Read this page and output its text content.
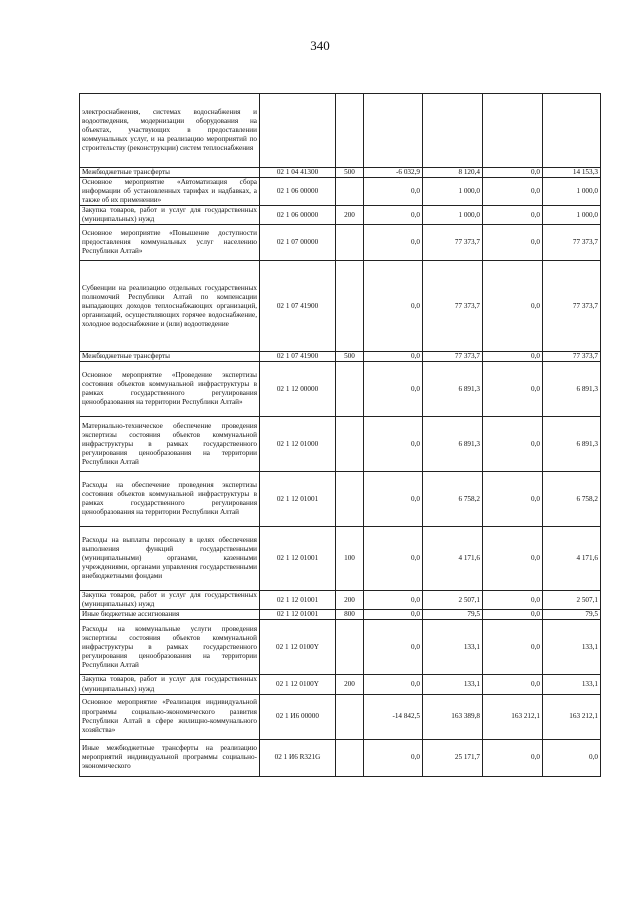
340
электроснабжения, системах водоснабжения и водоотведения, модернизации оборудования на объектах, участвующих в предоставлении коммунальных услуг, и на реализацию мероприятий по строительству (реконструкции) систем теплоснабжения						
Межбюджетные трансферты	02 1 04 41300	500	-6 032,9	8 120,4	0,0	14 153,3
Основное мероприятие «Автоматизация сбора информации об установленных тарифах и надбавках, а также об их применении»	02 1 06 00000		0,0	1 000,0	0,0	1 000,0
Закупка товаров, работ и услуг для государственных (муниципальных) нужд	02 1 06 00000	200	0,0	1 000,0	0,0	1 000,0
Основное мероприятие «Повышение доступности предоставления коммунальных услуг населению Республики Алтай»	02 1 07 00000		0,0	77 373,7	0,0	77 373,7
Субвенции на реализацию отдельных государственных полномочий Республики Алтай по компенсации выпадающих доходов теплоснабжающих организаций, организаций, осуществляющих горячее водоснабжение, холодное водоснабжение и (или) водоотведение	02 1 07 41900		0,0	77 373,7	0,0	77 373,7
Межбюджетные трансферты	02 1 07 41900	500	0,0	77 373,7	0,0	77 373,7
Основное мероприятие «Проведение экспертизы состояния объектов коммунальной инфраструктуры в рамках государственного регулирования ценообразования на территории Республики Алтай»	02 1 12 00000		0,0	6 891,3	0,0	6 891,3
Материально-техническое обеспечение проведения экспертизы состояния объектов коммунальной инфраструктуры в рамках государственного регулирования ценообразования на территории Республики Алтай	02 1 12 01000		0,0	6 891,3	0,0	6 891,3
Расходы на обеспечение проведения экспертизы состояния объектов коммунальной инфраструктуры в рамках государственного регулирования ценообразования на территории Республики Алтай	02 1 12 01001		0,0	6 758,2	0,0	6 758,2
Расходы на выплаты персоналу в целях обеспечения выполнения функций государственными (муниципальными) органами, казенными учреждениями, органами управления государственными внебюджетными фондами	02 1 12 01001	100	0,0	4 171,6	0,0	4 171,6
Закупка товаров, работ и услуг для государственных (муниципальных) нужд	02 1 12 01001	200	0,0	2 507,1	0,0	2 507,1
Иные бюджетные ассигнования	02 1 12 01001	800	0,0	79,5	0,0	79,5
Расходы на коммунальные услуги проведения экспертизы состояния объектов коммунальной инфраструктуры в рамках государственного регулирования ценообразования на территории Республики Алтай	02 1 12 0100Y		0,0	133,1	0,0	133,1
Закупка товаров, работ и услуг для государственных (муниципальных) нужд	02 1 12 0100Y	200	0,0	133,1	0,0	133,1
Основное мероприятие «Реализация индивидуальной программы социально-экономического развития Республики Алтай в сфере жилищно-коммунального хозяйства»	02 1 И6 00000		-14 842,5	163 389,8	163 212,1	163 212,1
Иные межбюджетные трансферты на реализацию мероприятий индивидуальной программы социально-экономического	02 1 И6 R321G		0,0	25 171,7	0,0	0,0
